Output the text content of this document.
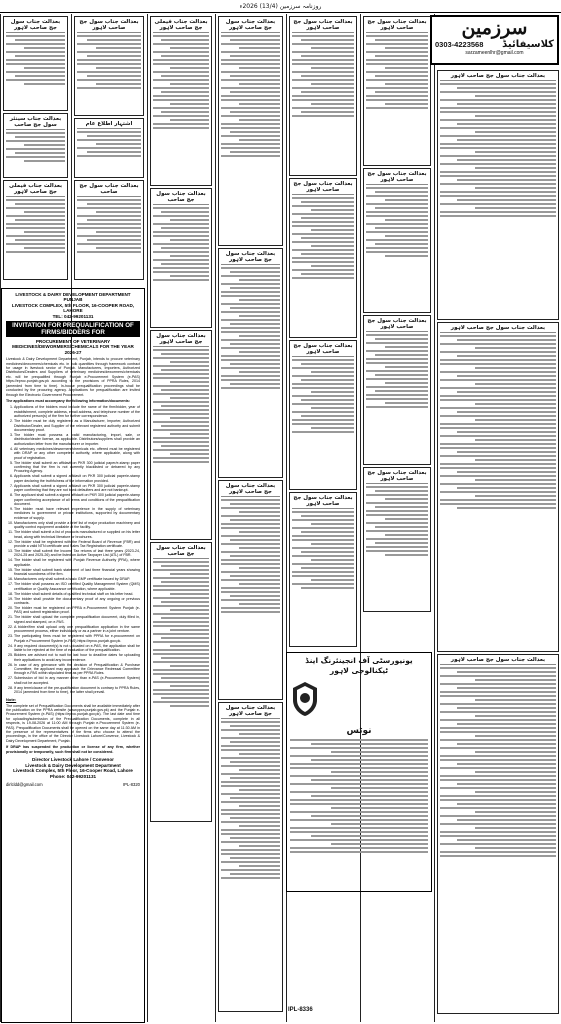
روزنامہ سرزمین (13/4) 2026ء
بعدالت جناب سول جج صاحب لاہور
بعدالت جناب سینئر سول جج صاحب
بعدالت جناب فیملی جج صاحب لاہور
بعدالت جناب سول جج صاحب لاہور
اشتہار اطلاع عام
بعدالت جناب سول جج صاحب
LIVESTOCK & DAIRY DEVELOPMENT DEPARTMENT
PUNJAB
LIVESTOCK COMPLEX, 5th FLOOR, 16-COOPER ROAD, LAHORE
TEL: 042-99201131
INVITATION FOR PREQUALIFICATION OF FIRMS/BIDDERS FOR
PROCUREMENT OF VETERINARY MEDICINES/DEWORMERS/CHEMICALS FOR THE YEAR 2026-27

Livestock & Dairy Development Department, Punjab, intends to procure veterinary medicines/dewormers/chemicals etc. in bulk quantities through framework contract for usage in livestock sector of Punjab. Manufacturers, Importers, Authorized Distributors/Dealers and Suppliers of veterinary medicines/dewormers/chemicals etc. will be prequalified through Punjab e-Procurement System (e-PAS) https://eproc.punjab.gov.pk according to the provisions of PPRA Rules, 2014 (amended from time to time). In-house prequalification proceedings shall be conducted by the procuring agency. Applications for prequalification are invited through the Electronic Government Procurement.

The applications must accompany the following information/documents:

1. Applications of the bidders must include the name of the firm/bidder, year of establishment, complete address, email address, and telephone number of the authorized person(s) of the firm for further correspondence.
2. The bidder must be duly registered as a Manufacturer, Importer, Authorized Distributor/Dealer, and Supplier of the relevant registered authority and submit documentary proof.
3. The bidder must possess a valid manufacturing, import, sale, or distributor/dealer license, as applicable. Distributors/suppliers shall provide an authorization letter from the manufacturer or importer.
4. All veterinary medicines/dewormers/chemicals etc. offered must be registered with DRAP or any other competent authority, where applicable, along with proof of registration.
5. The bidder shall submit an affidavit on PKR 300 judicial paper/e-stamp paper confirming that the firm is not currently blacklisted or debarred by any Procuring Agency.
6. Applicants shall submit a signed affidavit on PKR 300 judicial paper/e-stamp paper declaring the truthfulness of the information provided.
7. Applicants shall submit a signed affidavit on PKR 300 judicial paper/e-stamp paper confirming that they are not bank defaulters and are not bankrupt.
8. The applicant shall submit a signed affidavit on PKR 300 judicial paper/e-stamp paper confirming acceptance of all terms and conditions of the prequalification document.
9. The bidder must have relevant experience in the supply of veterinary medicines to government or private institutions, supported by documentary evidence of supply.
10. Manufacturers only shall provide a brief list of major production machinery and quality control equipment available at the facility.
11. The bidder shall submit a list of products manufactured or supplied on his letter head, along with technical literature or brochures.
12. The bidder shall be registered with the Federal Board of Revenue (FBR) and provide a valid NTN certificate and Sales Tax Registration certificate.
13. The bidder shall submit the Income Tax returns of last three years (2023-24, 2024-25 and 2025-26) and be listed on Active Taxpayer List (ATL) of FBR.
14. The bidder shall be registered with Punjab Revenue Authority (PRA), where applicable.
15. The bidder shall submit bank statement of last three financial years showing financial soundness of the firm.
16. Manufacturers only shall submit a basic GMP certificate issued by DRAP.
17. The bidder shall possess an ISO certified Quality Management System (QMS) certification or Quality Assurance certification, where applicable.
18. The bidder shall submit details of qualified technical staff on his letter head.
19. The bidder shall provide the documentary proof of any ongoing or previous contracts.
20. The bidder must be registered on PPRA e-Procurement System Punjab (e-PAS) and submit registration proof.
21. The bidder shall upload the complete prequalification document, duly filled in, signed and stamped, on e-PAS.
22. A bidder/firm shall upload only one prequalification application in the same procurement process, either individually or as a partner in a joint venture.
23. The participating firms must be registered with PPRA for e-procurement on Punjab e-Procurement System (e-PAS) https://eproc.punjab.gov.pk.
24. If any required document(s) is not uploaded on e-PAS, the application shall be liable to be rejected at the time of evaluation of the prequalification.
25. Bidders are advised not to wait for last hour to deadline dates for uploading their applications to avoid any inconvenience.
26. In case of any grievance with the decision of Prequalification & Purchase Committee, the applicant may approach the Grievance Redressal Committee through e-PAS within stipulated time as per PPRA Rules.
27. Submission of bid in any manner other than e-PAS (e-Procurement System) shall not be accepted.
28. If any term/clause of the pre-qualification document is contrary to PPRA Rules, 2014 (amended from time to time), the latter shall prevail.
Note:

The complete set of Prequalification Documents shall be available immediately after the publication on the PPRA website (www.ppra.punjab.gov.pk) and the Punjab e-Procurement System (e-PAS) (https://eproc.punjab.gov.pk). The last date and time for uploading/submission of the Prequalification Documents, complete in all respects, is 19-08-2026 at 11:00 AM through Punjab e-Procurement System (e-PAS). Prequalification Documents shall be opened on the same day at 11:30 AM in the presence of the representatives of the firms who choose to attend the proceedings, in the office of the Director Livestock Lahore/Convenor, Livestock & Dairy Development Department, Punjab.

If DRAP has suspended the production or license of any firm, whether provisionally or temporarily, such firm shall not be considered.

Director Livestock Lahore / Convenor
Livestock & Dairy Development Department
Livestock Complex, 5th Floor, 16-Cooper Road, Lahore
Phone: 042-99201131
dirlcldd@gmail.com	IPL-8320
بعدالت جناب فیملی جج صاحب لاہور
بعدالت جناب سول جج صاحب
بعدالت جناب سول جج صاحب لاہور
بعدالت جناب سول جج صاحب
بعدالت جناب سول جج صاحب لاہور
بعدالت جناب سول جج صاحب لاہور
بعدالت جناب سول جج صاحب لاہور
بعدالت جناب سول جج صاحب لاہور
بعدالت جناب سول جج صاحب لاہور
بعدالت جناب سول جج صاحب لاہور
بعدالت جناب سول جج صاحب لاہور
بعدالت جناب سول جج صاحب لاہور
بعدالت جناب سول جج صاحب لاہور
بعدالت جناب سول جج صاحب لاہور
بعدالت جناب سول جج صاحب لاہور
بعدالت جناب سول جج صاحب لاہور
یونیورسٹی آف انجینئرنگ اینڈ ٹیکنالوجی لاہور
نوٹس
بعدالت جناب سول جج صاحب لاہور
بعدالت جناب سول جج صاحب لاہور
بعدالت جناب سول جج صاحب لاہور
سرزمین
0303-4223568 کلاسیفائیڈ
sarzameenlhr@gmail.com
IPL-8336
